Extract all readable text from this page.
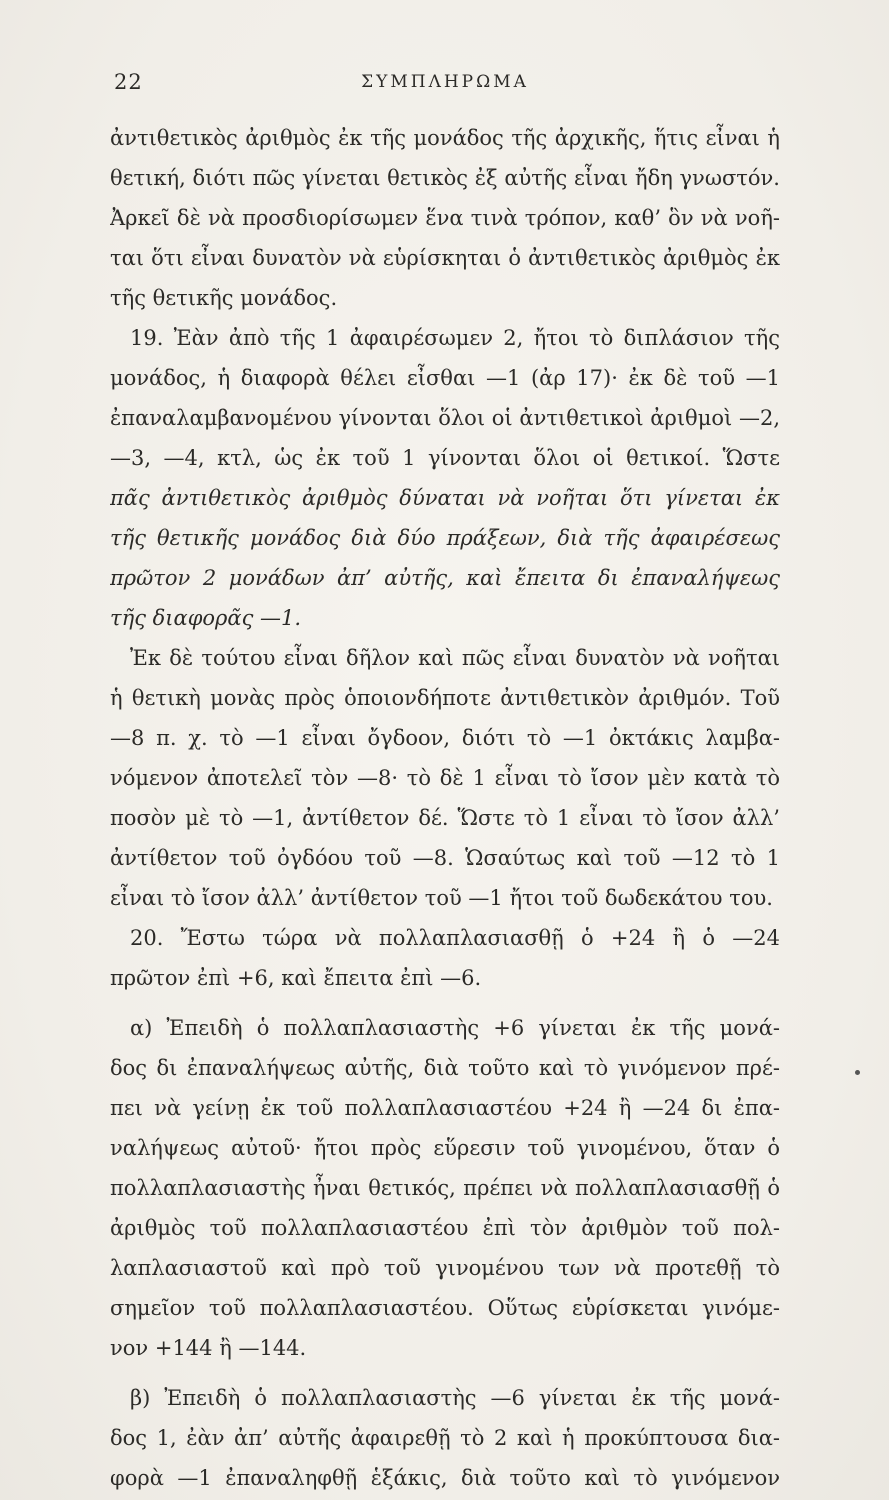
22	ΣΥΜΠΛΗΡΩΜΑ
ἀντιθετικὸς ἀριθμὸς ἐκ τῆς μονάδος τῆς ἀρχικῆς, ἥτις εἶναι ἡ
θετική, διότι πῶς γίνεται θετικὸς ἐξ αὐτῆς εἶναι ἤδη γνωστόν.
Ἀρκεῖ δὲ νὰ προσδιορίσωμεν ἕνα τινὰ τρόπον, καθ’ ὃν νὰ νοῆ-
ται ὅτι εἶναι δυνατὸν νὰ εὑρίσκηται ὁ ἀντιθετικὸς ἀριθμὸς ἐκ
τῆς θετικῆς μονάδος.
19. Ἐὰν ἀπὸ τῆς 1 ἀφαιρέσωμεν 2, ἤτοι τὸ διπλάσιον τῆς
μονάδος, ἡ διαφορὰ θέλει εἶσθαι —1 (ἀρ 17)· ἐκ δὲ τοῦ —1
ἐπαναλαμβανομένου γίνονται ὅλοι οἱ ἀντιθετικοὶ ἀριθμοὶ —2,
—3, —4, κτλ, ὡς ἐκ τοῦ 1 γίνονται ὅλοι οἱ θετικοί. Ὥστε
πᾶς ἀντιθετικὸς ἀριθμὸς δύναται νὰ νοῆται ὅτι γίνεται ἐκ
τῆς θετικῆς μονάδος διὰ δύο πράξεων, διὰ τῆς ἀφαιρέσεως
πρῶτον 2 μονάδων ἀπ’ αὐτῆς, καὶ ἔπειτα δι ἐπαναλήψεως
τῆς διαφορᾶς —1.
Ἐκ δὲ τούτου εἶναι δῆλον καὶ πῶς εἶναι δυνατὸν νὰ νοῆται
ἡ θετικὴ μονὰς πρὸς ὁποιονδήποτε ἀντιθετικὸν ἀριθμόν. Τοῦ
—8 π. χ. τὸ —1 εἶναι ὄγδοον, διότι τὸ —1 ὀκτάκις λαμβα-
νόμενον ἀποτελεῖ τὸν —8· τὸ δὲ 1 εἶναι τὸ ἴσον μὲν κατὰ τὸ
ποσὸν μὲ τὸ —1, ἀντίθετον δέ. Ὥστε τὸ 1 εἶναι τὸ ἴσον ἀλλ’
ἀντίθετον τοῦ ὀγδόου τοῦ —8. Ὡσαύτως καὶ τοῦ —12 τὸ 1
εἶναι τὸ ἴσον ἀλλ’ ἀντίθετον τοῦ —1 ἤτοι τοῦ δωδεκάτου του.
20. Ἔστω τώρα νὰ πολλαπλασιασθῇ ὁ +24 ἢ ὁ —24
πρῶτον ἐπὶ +6, καὶ ἔπειτα ἐπὶ —6.
α) Ἐπειδὴ ὁ πολλαπλασιαστὴς +6 γίνεται ἐκ τῆς μονά-
δος δι ἐπαναλήψεως αὐτῆς, διὰ τοῦτο καὶ τὸ γινόμενον πρέ-
πει νὰ γείνῃ ἐκ τοῦ πολλαπλασιαστέου +24 ἢ —24 δι ἐπα-
ναλήψεως αὐτοῦ· ἤτοι πρὸς εὕρεσιν τοῦ γινομένου, ὅταν ὁ
πολλαπλασιαστὴς ἦναι θετικός, πρέπει νὰ πολλαπλασιασθῇ ὁ
ἀριθμὸς τοῦ πολλαπλασιαστέου ἐπὶ τὸν ἀριθμὸν τοῦ πολ-
λαπλασιαστοῦ καὶ πρὸ τοῦ γινομένου των νὰ προτεθῇ τὸ
σημεῖον τοῦ πολλαπλασιαστέου. Οὕτως εὑρίσκεται γινόμε-
νον +144 ἢ —144.
β) Ἐπειδὴ ὁ πολλαπλασιαστὴς —6 γίνεται ἐκ τῆς μονά-
δος 1, ἐὰν ἀπ’ αὐτῆς ἀφαιρεθῇ τὸ 2 καὶ ἡ προκύπτουσα δια-
φορὰ —1 ἐπαναληφθῇ ἑξάκις, διὰ τοῦτο καὶ τὸ γινόμενον
